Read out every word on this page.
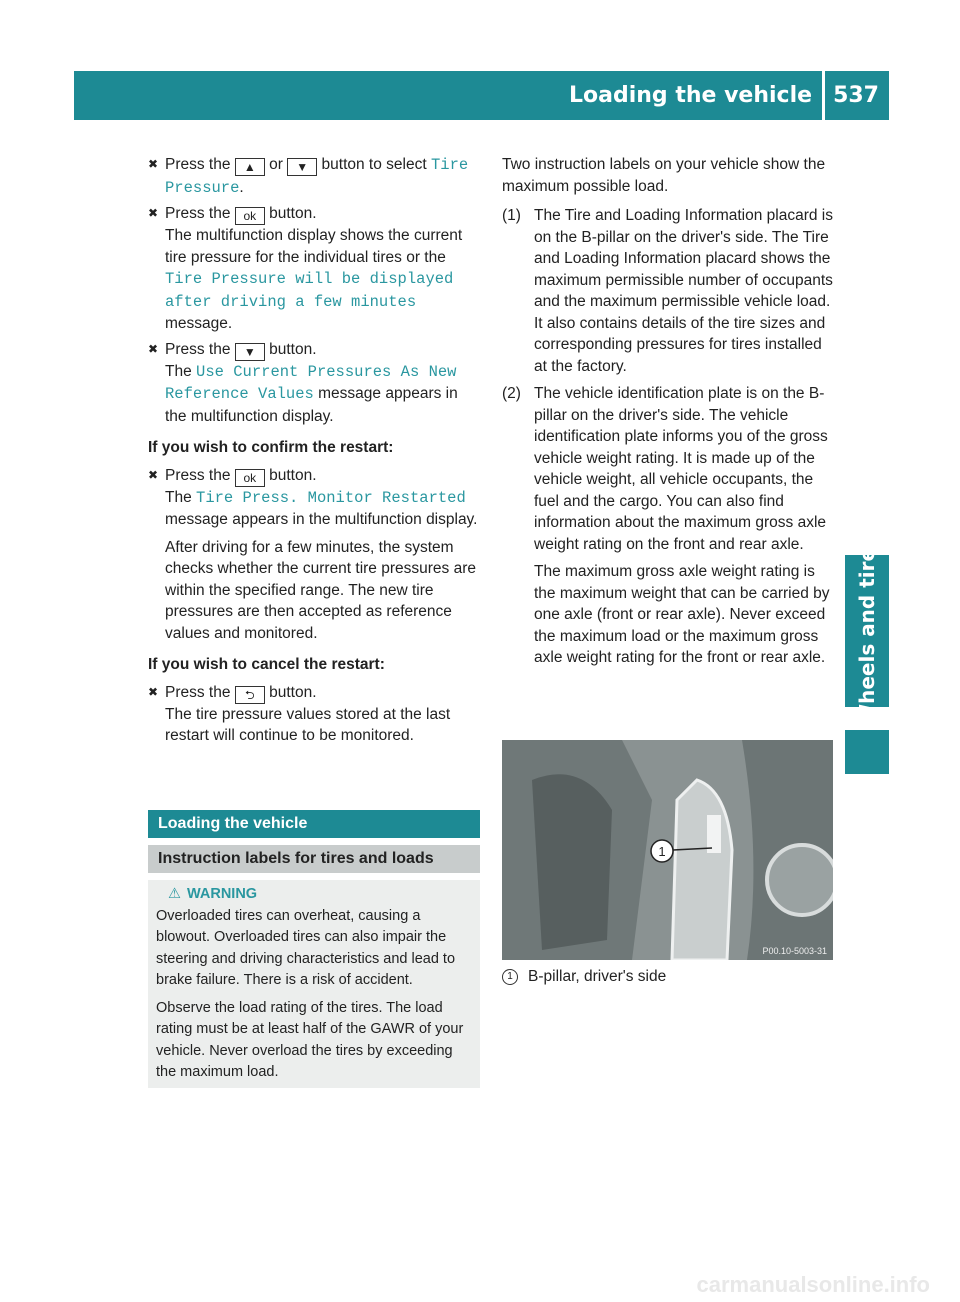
Loading the vehicle 537
Wheels and tires
✖ Press the ▲ or ▼ button to select Tire Pressure.
✖ Press the ok button.
The multifunction display shows the current tire pressure for the individual tires or the Tire Pressure will be displayed after driving a few minutes message.
✖ Press the ▼ button.
The Use Current Pressures As New Reference Values message appears in the multifunction display.
If you wish to confirm the restart:
✖ Press the ok button.
The Tire Press. Monitor Restarted message appears in the multifunction display.

After driving for a few minutes, the system checks whether the current tire pressures are within the specified range. The new tire pressures are then accepted as reference values and monitored.

If you wish to cancel the restart:
✖ Press the ⮌ button.
The tire pressure values stored at the last restart will continue to be monitored.
Loading the vehicle
Instruction labels for tires and loads
⚠ WARNING

Overloaded tires can overheat, causing a blowout. Overloaded tires can also impair the steering and driving characteristics and lead to brake failure. There is a risk of accident.

Observe the load rating of the tires. The load rating must be at least half of the GAWR of your vehicle. Never overload the tires by exceeding the maximum load.

Two instruction labels on your vehicle show the maximum possible load.

(1) The Tire and Loading Information placard is on the B-pillar on the driver's side. The Tire and Loading Information placard shows the maximum permissible number of occupants and the maximum permissible vehicle load. It also contains details of the tire sizes and corresponding pressures for tires installed at the factory.

(2) The vehicle identification plate is on the B-pillar on the driver's side. The vehicle identification plate informs you of the gross vehicle weight rating. It is made up of the vehicle weight, all vehicle occupants, the fuel and the cargo. You can also find information about the maximum gross axle weight rating on the front and rear axle.

The maximum gross axle weight rating is the maximum weight that can be carried by one axle (front or rear axle). Never exceed the maximum load or the maximum gross axle weight rating for the front or rear axle.

1
P00.10-5003-31
1 B-pillar, driver's side
carmanualsonline.info
